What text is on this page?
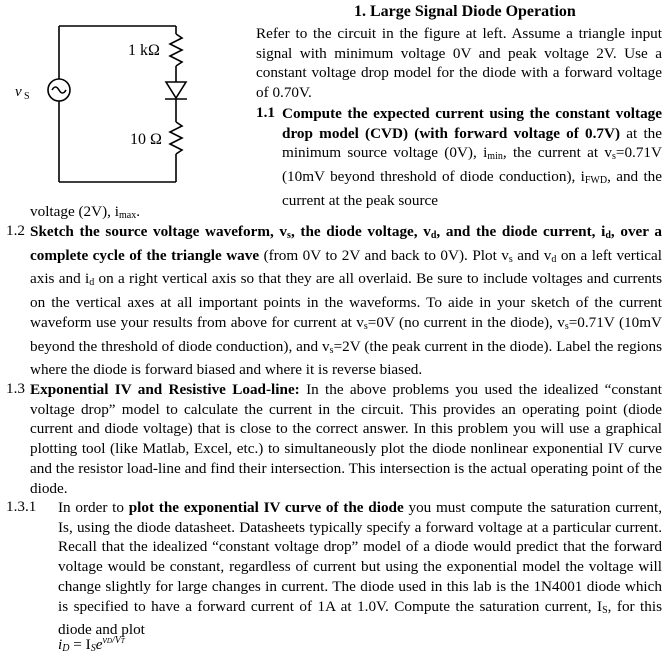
v S
1 kΩ
10 Ω

1. Large Signal Diode Operation

Refer to the circuit in the figure at left. Assume a triangle input signal with minimum voltage 0V and peak voltage 2V. Use a constant voltage drop model for the diode with a forward voltage of 0.70V.

1.1 Compute the expected current using the constant voltage drop model (CVD) (with forward voltage of 0.7V) at the minimum source voltage (0V), $i_{min}$, the current at $v_s=0.71V$ (10mV beyond threshold of diode conduction), $i_{FWD}$, and the current at the peak source

voltage (2V), $i_{max}$.

1.2 Sketch the source voltage waveform, $v_s$, the diode voltage, $v_d$, and the diode current, $i_d$, over a complete cycle of the triangle wave (from 0V to 2V and back to 0V). Plot $v_s$ and $v_d$ on a left vertical axis and $i_d$ on a right vertical axis so that they are all overlaid. Be sure to include voltages and currents on the vertical axes at all important points in the waveforms. To aide in your sketch of the current waveform use your results from above for current at $v_s=0V$ (no current in the diode), $v_s=0.71V$ (10mV beyond the threshold of diode conduction), and $v_s=2V$ (the peak current in the diode). Label the regions where the diode is forward biased and where it is reverse biased.

1.3 Exponential IV and Resistive Load-line: In the above problems you used the idealized “constant voltage drop” model to calculate the current in the circuit. This provides an operating point (diode current and diode voltage) that is close to the correct answer. In this problem you will use a graphical plotting tool (like Matlab, Excel, etc.) to simultaneously plot the diode nonlinear exponential IV curve and the resistor load-line and find their intersection. This intersection is the actual operating point of the diode.

1.3.1 In order to plot the exponential IV curve of the diode you must compute the saturation current, Is, using the diode datasheet. Datasheets typically specify a forward voltage at a particular current. Recall that the idealized “constant voltage drop” model of a diode would predict that the forward voltage would be constant, regardless of current but using the exponential model the voltage will change slightly for large changes in current. The diode used in this lab is the 1N4001 diode which is specified to have a forward current of 1A at 1.0V. Compute the saturation current, $I_S$, for this diode and plot

$i_D = I_Se^{vD/VT}$
